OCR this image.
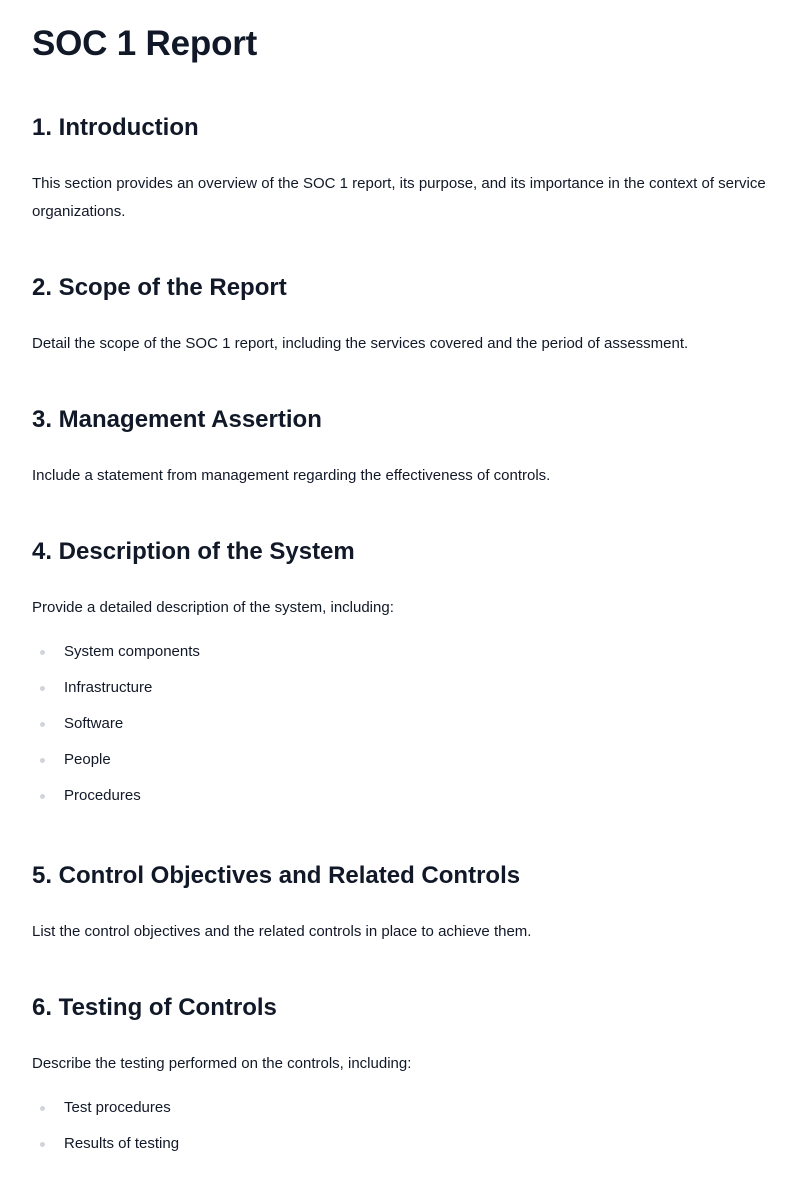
SOC 1 Report
1. Introduction

This section provides an overview of the SOC 1 report, its purpose, and its importance in the context of service organizations.

2. Scope of the Report

Detail the scope of the SOC 1 report, including the services covered and the period of assessment.

3. Management Assertion

Include a statement from management regarding the effectiveness of controls.

4. Description of the System

Provide a detailed description of the system, including:

System components
Infrastructure
Software
People
Procedures
5. Control Objectives and Related Controls

List the control objectives and the related controls in place to achieve them.

6. Testing of Controls

Describe the testing performed on the controls, including:

Test procedures
Results of testing
